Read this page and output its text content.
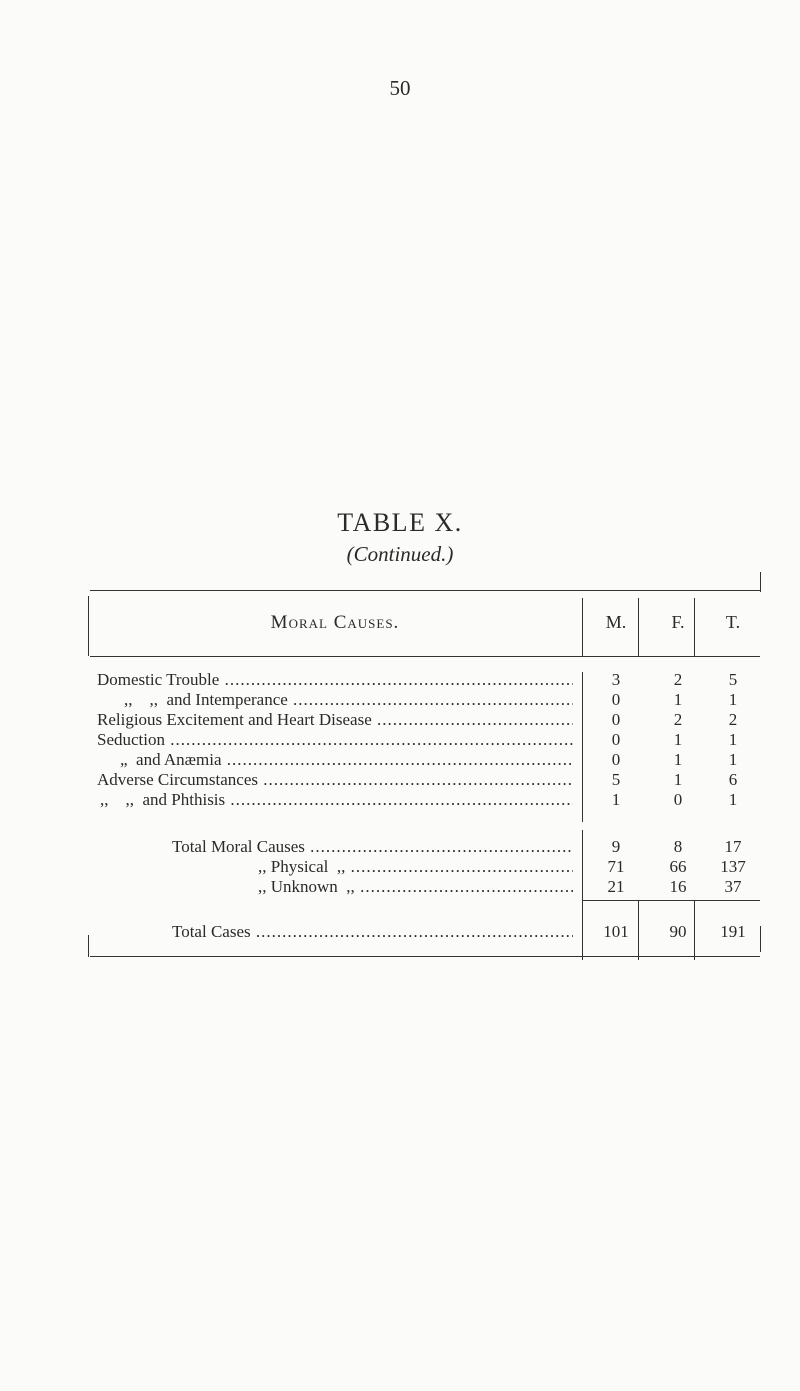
50
TABLE X.
(Continued.)
Moral Causes.	M.	F.	T.
Domestic Trouble .....	3	2	5
,,    ,,  and Intemperance .....	0	1	1
Religious Excitement and Heart Disease .....	0	2	2
Seduction .....	0	1	1
„  and Anæmia .....	0	1	1
Adverse Circumstances .....	5	1	6
,,    ,,  and Phthisis .....	1	0	1
Total Moral Causes .....	9	8	17
,, Physical  ,, .....	71	66	137
,, Unknown  ,, .....	21	16	37
Total Cases .....	101	90	191
